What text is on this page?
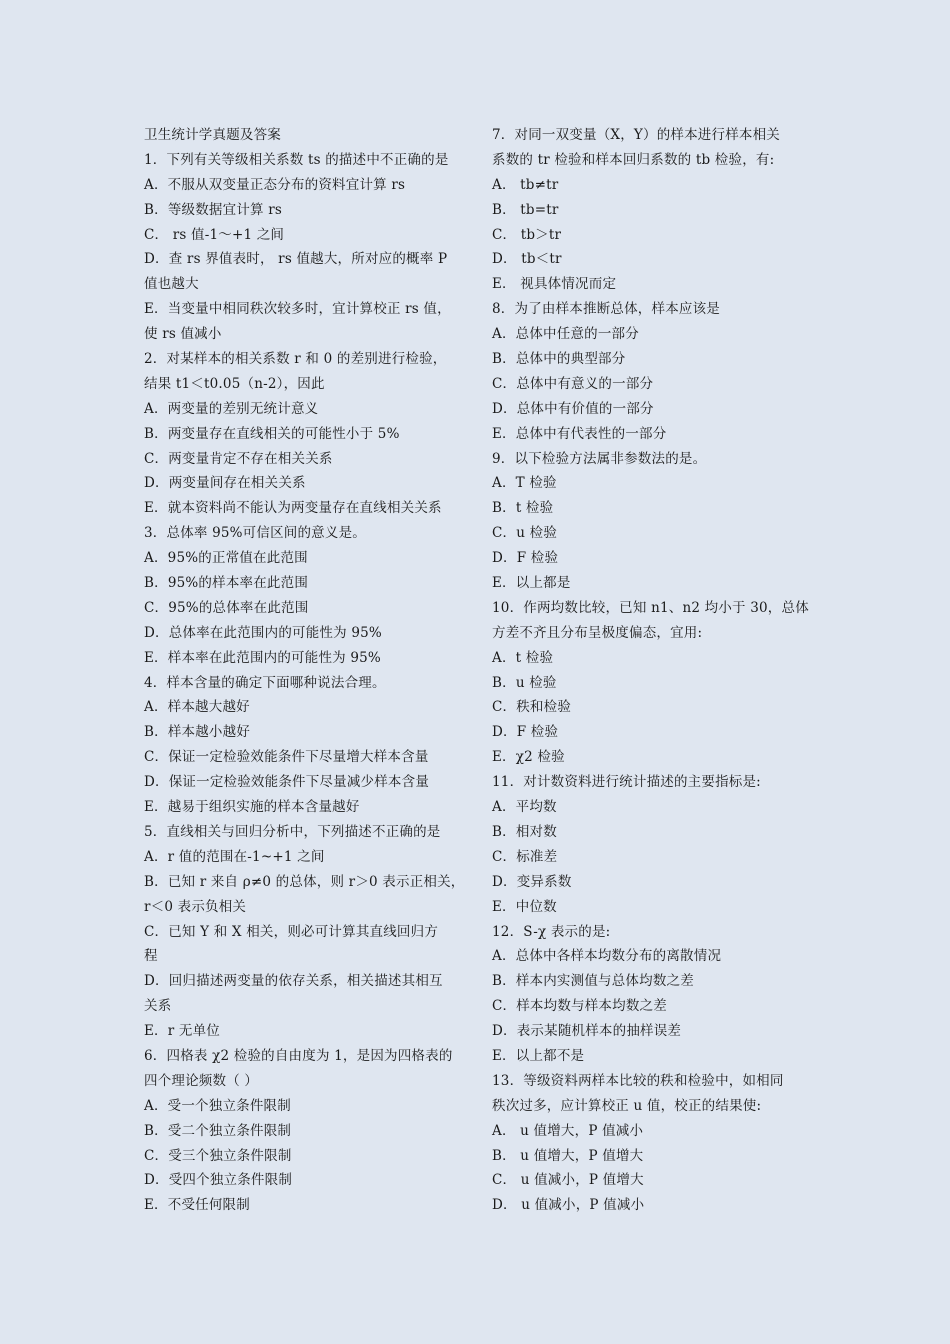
卫生统计学真题及答案
1．下列有关等级相关系数 ts 的描述中不正确的是
A．不服从双变量正态分布的资料宜计算 rs
B．等级数据宜计算 rs
C． rs 值-1～+1 之间
D．查 rs 界值表时， rs 值越大，所对应的概率 P
值也越大
E．当变量中相同秩次较多时，宜计算校正 rs 值，
使 rs 值减小
2．对某样本的相关系数 r 和 0 的差别进行检验，
结果 t1＜t0.05（n-2），因此
A．两变量的差别无统计意义
B．两变量存在直线相关的可能性小于 5%
C．两变量肯定不存在相关关系
D．两变量间存在相关关系
E．就本资料尚不能认为两变量存在直线相关关系
3．总体率 95%可信区间的意义是。
A．95%的正常值在此范围
B．95%的样本率在此范围
C．95%的总体率在此范围
D．总体率在此范围内的可能性为 95%
E．样本率在此范围内的可能性为 95%
4．样本含量的确定下面哪种说法合理。
A．样本越大越好
B．样本越小越好
C．保证一定检验效能条件下尽量增大样本含量
D．保证一定检验效能条件下尽量减少样本含量
E．越易于组织实施的样本含量越好
5．直线相关与回归分析中，下列描述不正确的是
A．r 值的范围在-1~+1 之间
B．已知 r 来自 ρ≠0 的总体，则 r＞0 表示正相关，
r＜0 表示负相关
C．已知 Y 和 X 相关，则必可计算其直线回归方
程
D．回归描述两变量的依存关系，相关描述其相互
关系
E．r 无单位
6．四格表 χ2 检验的自由度为 1，是因为四格表的
四个理论频数（ ）
A．受一个独立条件限制
B．受二个独立条件限制
C．受三个独立条件限制
D．受四个独立条件限制
E．不受任何限制
7．对同一双变量（X，Y）的样本进行样本相关
系数的 tr 检验和样本回归系数的 tb 检验，有:
A． tb≠tr
B． tb=tr
C． tb＞tr
D． tb＜tr
E． 视具体情况而定
8．为了由样本推断总体，样本应该是
A．总体中任意的一部分
B．总体中的典型部分
C．总体中有意义的一部分
D．总体中有价值的一部分
E．总体中有代表性的一部分
9．以下检验方法属非参数法的是。
A．T 检验
B．t 检验
C．u 检验
D．F 检验
E．以上都是
10．作两均数比较，已知 n1、n2 均小于 30，总体
方差不齐且分布呈极度偏态，宜用:
A．t 检验
B．u 检验
C．秩和检验
D．F 检验
E．χ2 检验
11．对计数资料进行统计描述的主要指标是:
A．平均数
B．相对数
C．标准差
D．变异系数
E．中位数
12．S-χ 表示的是:
A．总体中各样本均数分布的离散情况
B．样本内实测值与总体均数之差
C．样本均数与样本均数之差
D．表示某随机样本的抽样误差
E．以上都不是
13．等级资料两样本比较的秩和检验中，如相同
秩次过多，应计算校正 u 值，校正的结果使:
A． u 值增大，P 值减小
B． u 值增大，P 值增大
C． u 值减小，P 值增大
D． u 值减小，P 值减小
